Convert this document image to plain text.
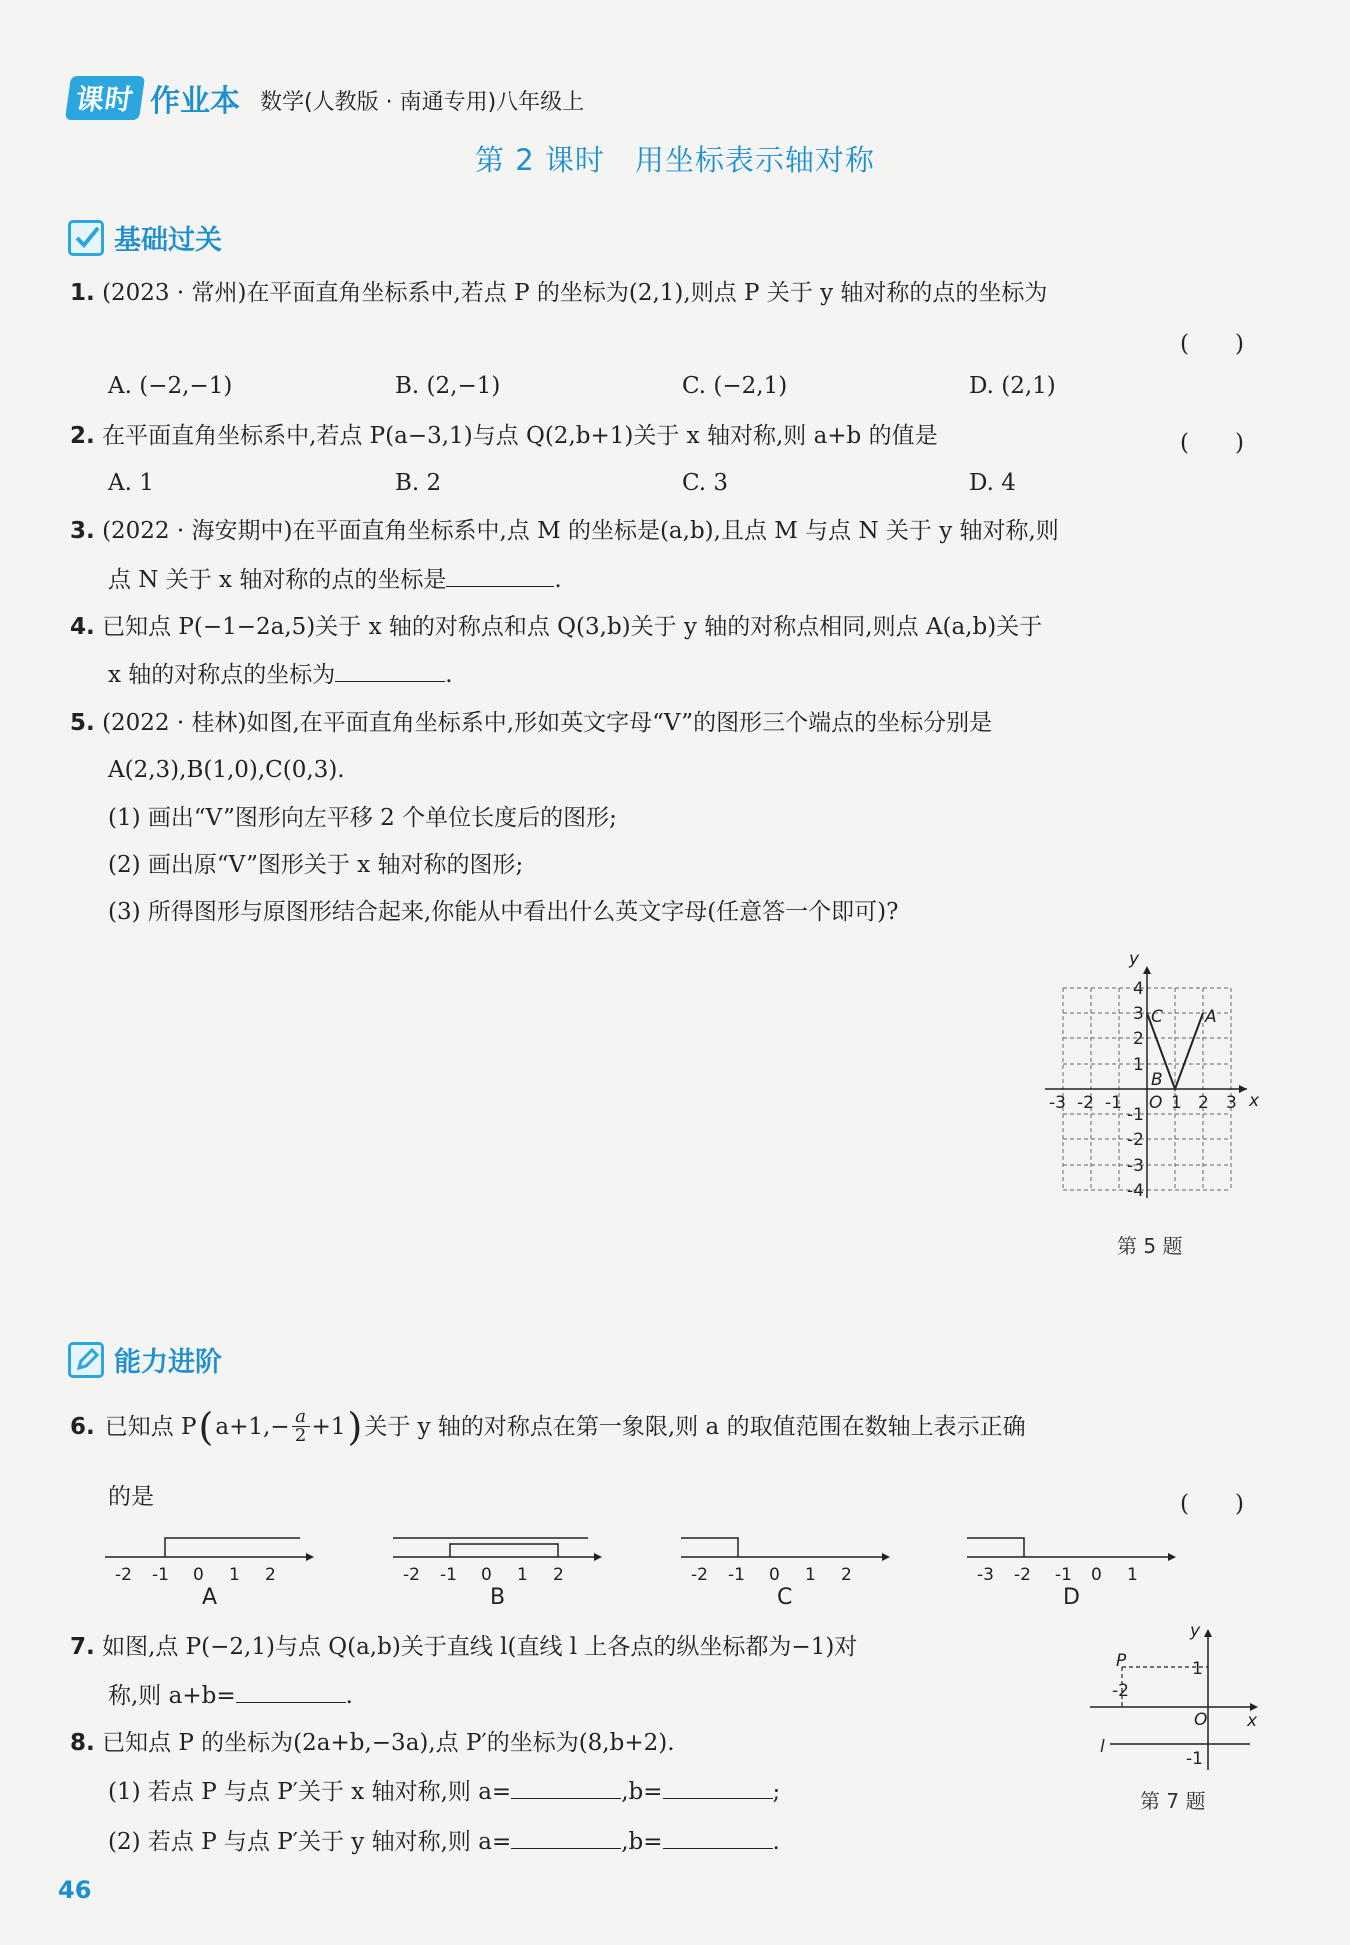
课时 作业本 数学(人教版 · 南通专用)八年级上
第 2 课时　用坐标表示轴对称
基础过关
1. (2023 · 常州)在平面直角坐标系中,若点 P 的坐标为(2,1),则点 P 关于 y 轴对称的点的坐标为
(　　)
A. (−2,−1)	B. (2,−1)	C. (−2,1)	D. (2,1)
2. 在平面直角坐标系中,若点 P(a−3,1)与点 Q(2,b+1)关于 x 轴对称,则 a+b 的值是	(　　)
A. 1	B. 2	C. 3	D. 4
3. (2022 · 海安期中)在平面直角坐标系中,点 M 的坐标是(a,b),且点 M 与点 N 关于 y 轴对称,则
点 N 关于 x 轴对称的点的坐标是	.
4. 已知点 P(−1−2a,5)关于 x 轴的对称点和点 Q(3,b)关于 y 轴的对称点相同,则点 A(a,b)关于
x 轴的对称点的坐标为	.
5. (2022 · 桂林)如图,在平面直角坐标系中,形如英文字母“V”的图形三个端点的坐标分别是
A(2,3),B(1,0),C(0,3).
(1) 画出“V”图形向左平移 2 个单位长度后的图形;
(2) 画出原“V”图形关于 x 轴对称的图形;
(3) 所得图形与原图形结合起来,你能从中看出什么英文字母(任意答一个即可)?
-3 -2 -1	1 2 3
4
3
2
1
-1
-2
-3
-4
O	x
y
A
B
C
第 5 题
能力进阶
6. 已知点 P ( a+1,− a
2 +1 ) 关于 y 轴的对称点在第一象限,则 a 的取值范围在数轴上表示正确
的是	(　　)
-2 -1 0 1 2
A
-2 -1 0 1 2
B
-2 -1 0 1 2
C
-3 -2 -1 0 1
D
7. 如图,点 P(−2,1)与点 Q(a,b)关于直线 l(直线 l 上各点的纵坐标都为−1)对
称,则 a+b=	.
P	1
-2
O x
y
l
-1
第 7 题
8. 已知点 P 的坐标为(2a+b,−3a),点 P′的坐标为(8,b+2).
(1) 若点 P 与点 P′关于 x 轴对称,则 a=	,b=	;
(2) 若点 P 与点 P′关于 y 轴对称,则 a=	,b=	.
46
